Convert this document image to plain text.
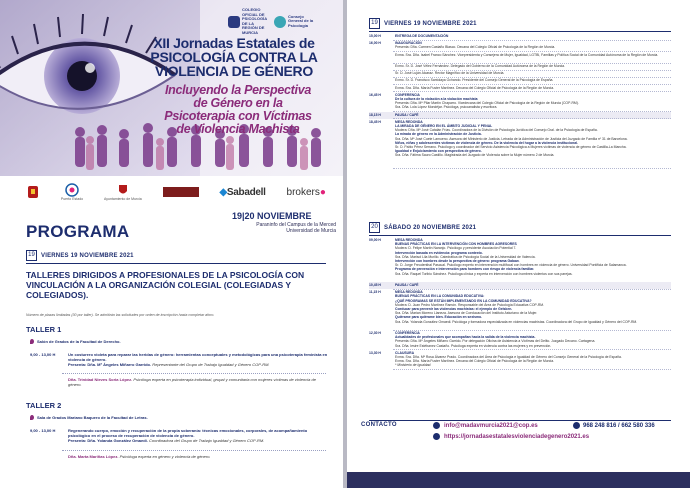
COLEGIO OFICIAL DE PSICOLOGÍA DE LA REGIÓN DE MURCIA
Consejo General de la Psicología
XII Jornadas Estatales de
PSICOLOGÍA CONTRA LA
VIOLENCIA DE GÉNERO
Incluyendo la Perspectiva
de Género en la
Psicoterapia con Víctimas
de Violencia Machista
Puerto Estado	Ayuntamiento de Murcia
◆Sabadell brokers●
PROGRAMA
19|20 NOVIEMBRE
Paraninfo del Campus de la Merced
Universidad de Murcia
19	VIERNES 19 NOVIEMBRE 2021
TALLERES DIRIGIDOS A PROFESIONALES DE LA PSICOLOGÍA CON VINCULACIÓN A LA ORGANIZACIÓN COLEGIAL (COLEGIADAS Y COLEGIADOS).
Número de plazas limitadas (30 por taller). Se admitirán las solicitudes por orden de inscripción hasta completar aforo.
TALLER 1
Salón de Grados de la Facultad de Derecho.
9,00 - 13,00 H	Un costurero violeta para reparar las heridas de género: herramientas conceptuales y metodológicas para una psicoterapia feminista en violencia de género.
Presenta: Dña. Mª Ángeles Miñarro Garrido. Representante del Grupo de Trabajo Igualdad y Género COP-RM.
Dña. Trinidad Nieves Soria López. Psicóloga experta en psicoterapia individual, grupal y comunitaria con mujeres víctimas de violencia de género.
TALLER 2
Sala de Grados Mariano Baquero de la Facultad de Letras.
9,00 - 13,00 H	Regenerando cuerpo, emoción y recuperación de la propia soberanía: técnicas emocionales, corporales, de acompañamiento psicológico en el proceso de recuperación de violencia de género.
Presenta: Dña. Yolanda González Omaedi. Coordinadora del Grupo de Trabajo Igualdad y Género COP-RM.
Dña. Marta Mariñas López. Psicóloga experta en género y violencia de género.
19	VIERNES 19 NOVIEMBRE 2021
15,00 H	ENTREGA DE DOCUMENTACIÓN
16,00 H	INAUGURACIÓN
Presenta: Dña. Carmen Castaño Blasco. Decana del Colegio Oficial de Psicología de la Región de Murcia.
Exma. Sra. Dña. Isabel Franco Sánchez. Vicepresidenta y Consejera de Mujer, Igualdad, LGTBI, Familias y Política Social de la Comunidad Autónoma de la Región de Murcia.
Exmo. Sr. D. José Vélez Fernández. Delegado del Gobierno de la Comunidad Autónoma de la Región de Murcia.
Sr. D. José Luján Alcaraz. Rector Magnífico de la Universidad de Murcia.
Exmo. Sr. D. Francisco Santolaya Ochando. Presidente del Consejo General de la Psicología de España.
Exma. Sra. Dña. María Fuster Martínez. Decana del Colegio Oficial de Psicología de la Región de Murcia.
16,45 H	CONFERENCIA
De la cultura de la violación a la violación machista
Presenta: Dña. Mª Pilar Martín Chaparro. Vicedecana del Colegio Oficial de Psicología de la Región de Murcia (COP-RM).
Sra. Dña. Lola López Mondéjar. Psicóloga, psicoanalista y escritora.
18,15 H	PAUSA / CAFÉ
18,45 H	MESA REDONDA
LA MIRADA DE GÉNERO EN EL ÁMBITO JUDICIAL Y PENAL
Modera: Dña. Mª José Catalán Frías. Coordinadora de la División de Psicología Jurídica del Consejo Gral. de la Psicología de España.
La mirada de género en la Administración de Justicia.
Sra. Dña. Mª José Cuete Lamueno. Asesora del Ministerio de Justicia. Letrada de la Administración de Justicia del Juzgado de Familia nº 31 de Barcelona.
Niños, niñas y adolescentes víctimas de violencia de género. De la violencia del hogar a la violencia institucional.
Sr. D. Pablo Pérez Serrano. Psicólogo y coordinador del Servicio Asistencia Psicológica a Mujeres víctimas de violencia de género de Castilla-La Mancha.
Igualdad e Enjuiciamiento con perspectiva de género.
Sra. Dña. Fátima Sauro Castillo. Magistrada del Juzgado de Violencia sobre la Mujer número 2 de Murcia.
20	SÁBADO 20 NOVIEMBRE 2021
09,00 H	MESA REDONDA
BUENAS PRÁCTICAS EN LA INTERVENCIÓN CON HOMBRES AGRESORES
Modera: D. Felipe Martín Naranjo. Psicólogo y presidente Asociación Potential 7.
Intervención basada en evidencia: programa contexto.
Sra. Dña. Marisol Lila Murillo. Catedrática de Psicología Social de la Universidad de Valencia.
Intervención con hombres desde la perspectiva de género: programa Gabaw.
Sr. D. Jorge Freudenthal Pascual. Psicólogo experto en intervención multifocal con hombres en violencia de género. Universidad Pontificia de Salamanca.
Programa de prevención e intervención para hombres con riesgo de violencia familiar.
Sra. Dña. Raquel Toribio Sánchez. Psicóloga clínica y experta en intervención con hombres violentos con sus parejas.
10,45 H	PAUSA / CAFÉ
11,15 H	MESA REDONDA
BUENAS PRÁCTICAS EN LA COMUNIDAD EDUCATIVA:
¿QUÉ PROGRAMAS SE ESTÁN IMPLEMENTANDO EN LA COMUNIDAD EDUCATIVA?
Modera: D. Juan Pedro Martínez Ramón. Responsable del Área de Psicología Educativa COP-RM.
Coeducar para prevenir las violencias machistas: el ejemplo de Gelsken.
Sra. Dña. Marian Moreno Llaneza. Asesora de Coeducación del Instituto Asturiano de la Mujer.
Quiérame para quiérame bien. Educación en sexismo.
Sra. Dña. Yolanda González Omaedi. Psicóloga y formadora especializada en violencias machistas. Coordinadora del Grupo de Igualdad y Género del COP-RM.
12,30 H	CONFERENCIA
Actualidades de profesionales que acompañan hacia la salida de la violencia machista.
Presenta: Dña. Mª Ángeles Miñarro Garrido. Por delegación Oficina de Asistencia a Víctimas del Delito. Juzgado Decano. Cartagena.
Sra. Dña. Iesire Estébanez Castaño. Psicóloga experta en violencia contra las mujeres y en prevención.
13,30 H	CLAUSURA
Exma. Sra. Dña. Mª Rosa Álvarez Prado. Coordinadora del Área de Psicología e Igualdad de Género del Consejo General de la Psicología de España.
Exma. Sra. Dña. María Fuster Martínez. Decana del Colegio Oficial de Psicología de la Región de Murcia.
* Ministerio de Igualdad.
CONTACTO	info@madavmurcia2021@cop.es	968 248 816 / 662 580 336
https://jornadasestatalesviolenciadegenero2021.es
